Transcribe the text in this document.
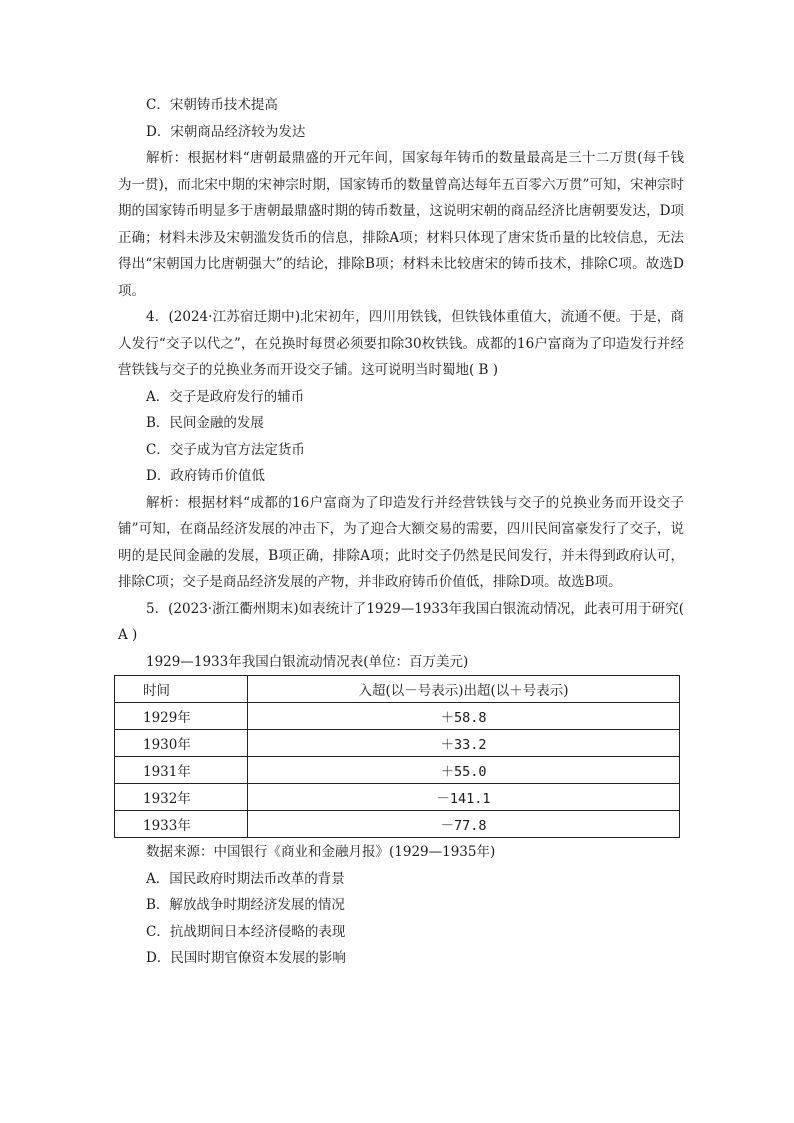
C．宋朝铸币技术提高
D．宋朝商品经济较为发达
解析：根据材料“唐朝最鼎盛的开元年间，国家每年铸币的数量最高是三十二万贯(每千钱为一贯)，而北宋中期的宋神宗时期，国家铸币的数量曾高达每年五百零六万贯”可知，宋神宗时期的国家铸币明显多于唐朝最鼎盛时期的铸币数量，这说明宋朝的商品经济比唐朝要发达，D项正确；材料未涉及宋朝滥发货币的信息，排除A项；材料只体现了唐宋货币量的比较信息，无法得出“宋朝国力比唐朝强大”的结论，排除B项；材料未比较唐宋的铸币技术，排除C项。故选D项。
4．(2024·江苏宿迁期中)北宋初年，四川用铁钱，但铁钱体重值大，流通不便。于是，商人发行“交子以代之”，在兑换时每贯必须要扣除30枚铁钱。成都的16户富商为了印造发行并经营铁钱与交子的兑换业务而开设交子铺。这可说明当时蜀地( B )
A．交子是政府发行的辅币
B．民间金融的发展
C．交子成为官方法定货币
D．政府铸币价值低
解析：根据材料“成都的16户富商为了印造发行并经营铁钱与交子的兑换业务而开设交子铺”可知，在商品经济发展的冲击下，为了迎合大额交易的需要，四川民间富豪发行了交子，说明的是民间金融的发展，B项正确，排除A项；此时交子仍然是民间发行，并未得到政府认可，排除C项；交子是商品经济发展的产物，并非政府铸币价值低，排除D项。故选B项。
5．(2023·浙江衢州期末)如表统计了1929—1933年我国白银流动情况，此表可用于研究( A )
1929—1933年我国白银流动情况表(单位：百万美元)
时间	入超(以－号表示)出超(以＋号表示)
1929年	＋58.8
1930年	＋33.2
1931年	＋55.0
1932年	－141.1
1933年	－77.8
数据来源：中国银行《商业和金融月报》(1929—1935年)
A．国民政府时期法币改革的背景
B．解放战争时期经济发展的情况
C．抗战期间日本经济侵略的表现
D．民国时期官僚资本发展的影响
